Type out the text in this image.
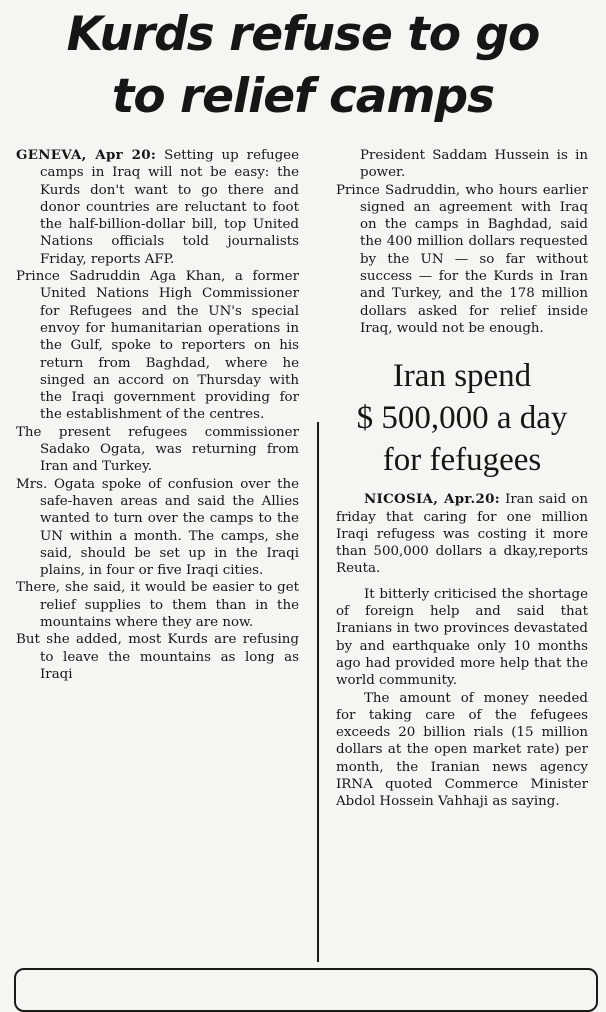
Kurds refuse to go
to relief camps

GENEVA, Apr 20: Setting up refugee camps in Iraq will not be easy: the Kurds don't want to go there and donor countries are reluctant to foot the half-billion-dollar bill, top United Nations officials told journalists Friday, reports AFP.

Prince Sadruddin Aga Khan, a former United Nations High Commissioner for Refugees and the UN's special envoy for humanitarian operations in the Gulf, spoke to reporters on his return from Baghdad, where he singed an accord on Thursday with the Iraqi government providing for the establishment of the centres.

The present refugees commissioner Sadako Ogata, was returning from Iran and Turkey.

Mrs. Ogata spoke of confusion over the safe-haven areas and said the Allies wanted to turn over the camps to the UN within a month. The camps, she said, should be set up in the Iraqi plains, in four or five Iraqi cities.

There, she said, it would be easier to get relief supplies to them than in the mountains where they are now.

But she added, most Kurds are refusing to leave the mountains as long as Iraqi

President Saddam Hussein is in power.

Prince Sadruddin, who hours earlier signed an agreement with Iraq on the camps in Baghdad, said the 400 million dollars requested by the UN — so far without success — for the Kurds in Iran and Turkey, and the 178 million dollars asked for relief inside Iraq, would not be enough.

Iran spend
$ 500,000 a day
for fefugees

NICOSIA, Apr.20: Iran said on friday that caring for one million Iraqi refugess was costing it more than 500,000 dollars a dkay,reports Reuta.

It bitterly criticised the shortage of foreign help and said that Iranians in two provinces devastated by and earthquake only 10 months ago had provided more help that the world community.

The amount of money needed for taking care of the fefugees exceeds 20 billion rials (15 million dollars at the open market rate) per month, the Iranian news agency IRNA quoted Commerce Minister Abdol Hossein Vahhaji as saying.
